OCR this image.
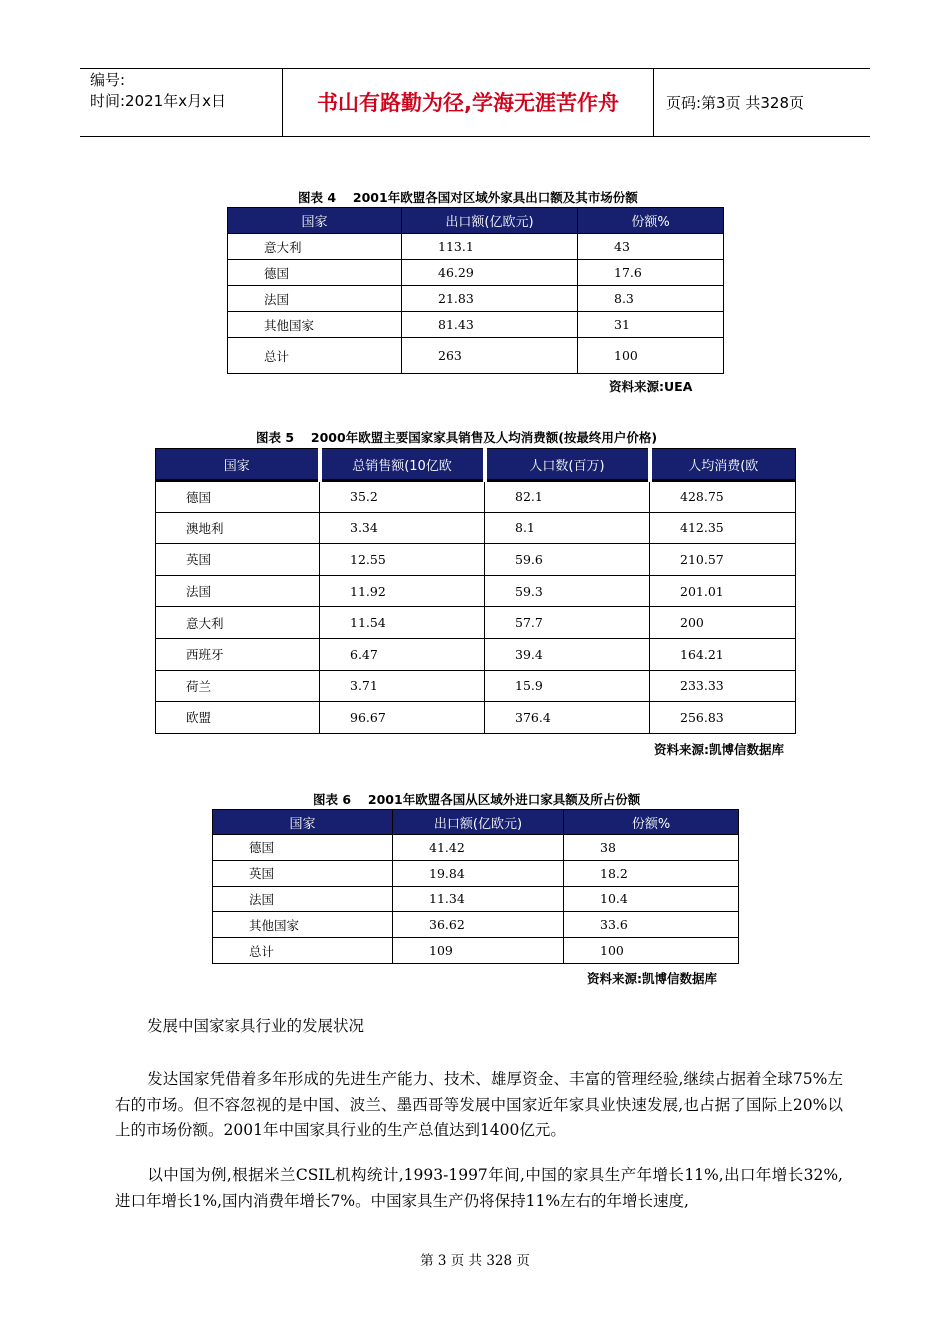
编号:
时间:2021年x月x日	书山有路勤为径,学海无涯苦作舟	页码:第3页 共328页
图表 4　 2001年欧盟各国对区域外家具出口额及其市场份额
国家	出口额(亿欧元)	份额%
意大利	113.1	43
德国	46.29	17.6
法国	21.83	8.3
其他国家	81.43	31
总计	263	100
资料来源:UEA
图表 5　 2000年欧盟主要国家家具销售及人均消费额(按最终用户价格)
国家	总销售额(10亿欧	人口数(百万)	人均消费(欧
德国	35.2	82.1	428.75
澳地利	3.34	8.1	412.35
英国	12.55	59.6	210.57
法国	11.92	59.3	201.01
意大利	11.54	57.7	200
西班牙	6.47	39.4	164.21
荷兰	3.71	15.9	233.33
欧盟	96.67	376.4	256.83
资料来源:凯博信数据库
图表 6　 2001年欧盟各国从区域外进口家具额及所占份额
国家	出口额(亿欧元)	份额%
德国	41.42	38
英国	19.84	18.2
法国	11.34	10.4
其他国家	36.62	33.6
总计	109	100
资料来源:凯博信数据库
发展中国家家具行业的发展状况
发达国家凭借着多年形成的先进生产能力、技术、雄厚资金、丰富的管理经验,继续占据着全球75%左右的市场。但不容忽视的是中国、波兰、墨西哥等发展中国家近年家具业快速发展,也占据了国际上20%以上的市场份额。2001年中国家具行业的生产总值达到1400亿元。
以中国为例,根据米兰CSIL机构统计,1993-1997年间,中国的家具生产年增长11%,出口年增长32%,进口年增长1%,国内消费年增长7%。中国家具生产仍将保持11%左右的年增长速度,
第 3 页 共 328 页
